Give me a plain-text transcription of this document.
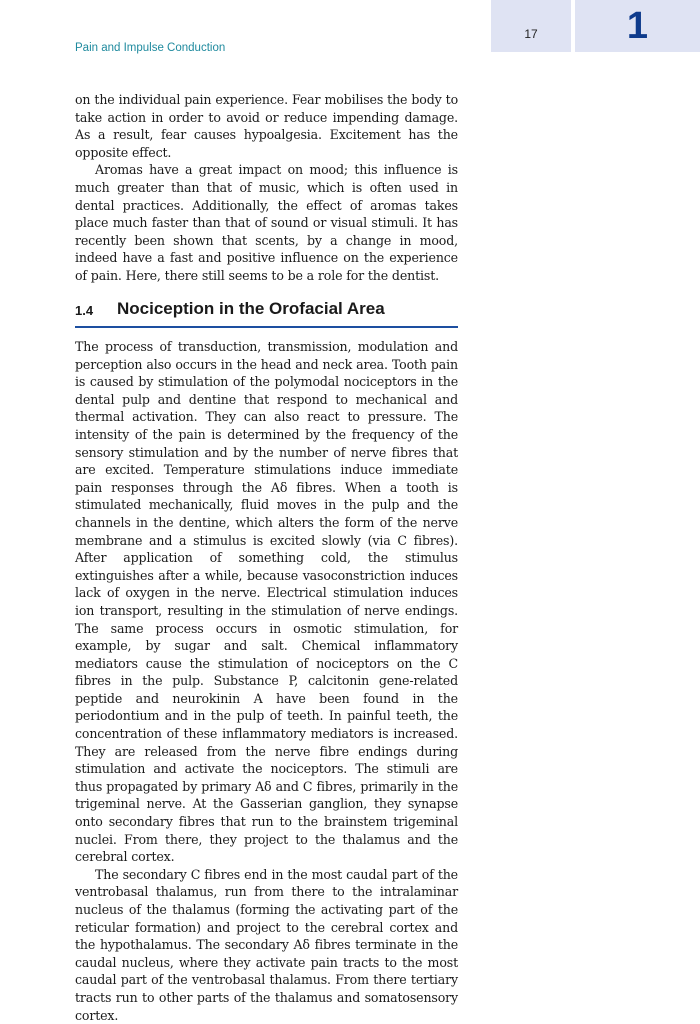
17	1
Pain and Impulse Conduction

on the individual pain experience. Fear mobilises the body to take action in order to avoid or reduce impending damage. As a result, fear causes hypoalgesia. Excitement has the opposite effect.

Aromas have a great impact on mood; this influence is much greater than that of music, which is often used in dental practices. Additionally, the effect of aromas takes place much faster than that of sound or visual stimuli. It has recently been shown that scents, by a change in mood, indeed have a fast and positive influence on the experience of pain. Here, there still seems to be a role for the dentist.

1.4 Nociception in the Orofacial Area

The process of transduction, transmission, modulation and perception also occurs in the head and neck area. Tooth pain is caused by stimulation of the polymodal nociceptors in the dental pulp and dentine that respond to mechanical and thermal activation. They can also react to pressure. The intensity of the pain is determined by the frequency of the sensory stimulation and by the number of nerve fibres that are excited. Temperature stimulations induce immediate pain responses through the Aδ fibres. When a tooth is stimulated mechanically, fluid moves in the pulp and the channels in the dentine, which alters the form of the nerve membrane and a stimulus is excited slowly (via C fibres). After application of something cold, the stimulus extinguishes after a while, because vasoconstriction induces lack of oxygen in the nerve. Electrical stimulation induces ion transport, resulting in the stimulation of nerve endings. The same process occurs in osmotic stimulation, for example, by sugar and salt. Chemical inflammatory mediators cause the stimulation of nociceptors on the C fibres in the pulp. Substance P, calcitonin gene-related peptide and neurokinin A have been found in the periodontium and in the pulp of teeth. In painful teeth, the concentration of these inflammatory mediators is increased. They are released from the nerve fibre endings during stimulation and activate the nociceptors. The stimuli are thus propagated by primary Aδ and C fibres, primarily in the trigeminal nerve. At the Gasserian ganglion, they synapse onto secondary fibres that run to the brainstem trigeminal nuclei. From there, they project to the thalamus and the cerebral cortex.

The secondary C fibres end in the most caudal part of the ventrobasal thalamus, run from there to the intralaminar nucleus of the thalamus (forming the activating part of the reticular formation) and project to the cerebral cortex and the hypothalamus. The secondary Aδ fibres terminate in the caudal nucleus, where they activate pain tracts to the most caudal part of the ventrobasal thalamus. From there tertiary tracts run to other parts of the thalamus and somatosensory cortex.
